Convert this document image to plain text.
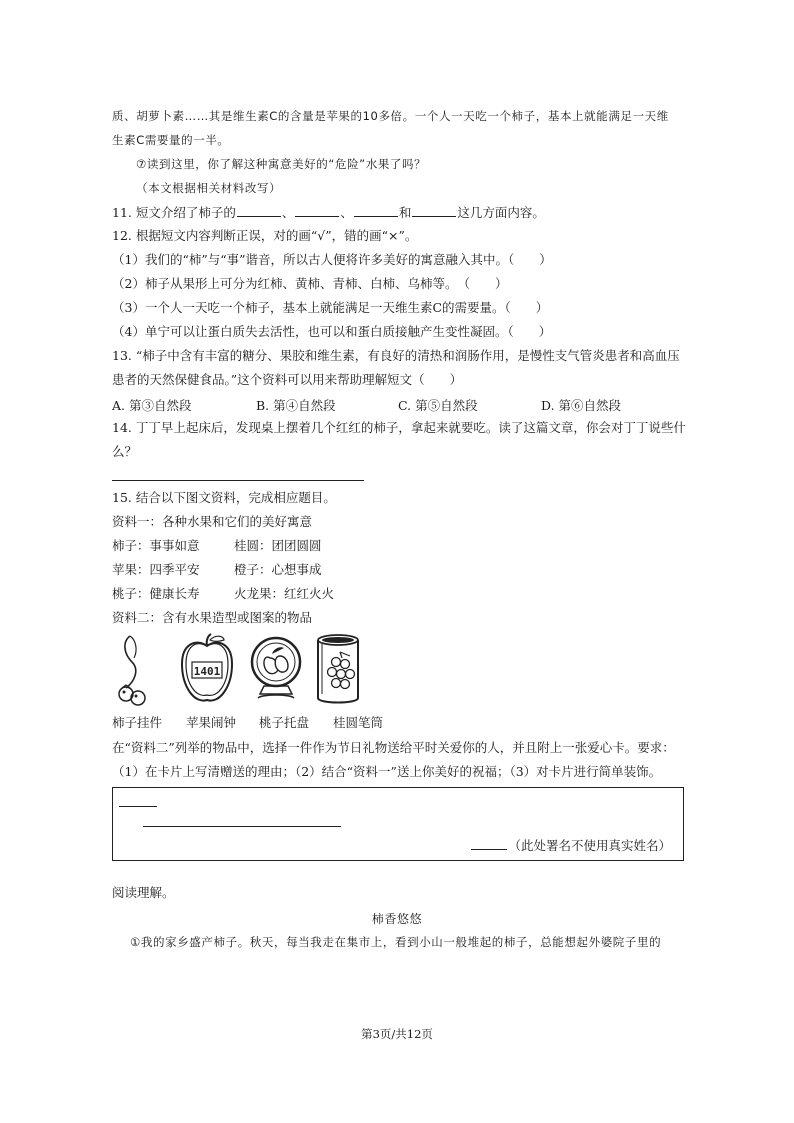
质、胡萝卜素……其是维生素C的含量是苹果的10多倍。一个人一天吃一个柿子，基本上就能满足一天维
生素C需要量的一半。
⑦读到这里，你了解这种寓意美好的“危险”水果了吗？
（本文根据相关材料改写）
11. 短文介绍了柿子的	、	、	和	这几方面内容。
12. 根据短文内容判断正误，对的画“√”，错的画“×”。
（1）我们的“柿”与“事”谐音，所以古人便将许多美好的寓意融入其中。（　　）
（2）柿子从果形上可分为红柿、黄柿、青柿、白柿、乌柿等。　（　　）
（3）一个人一天吃一个柿子，基本上就能满足一天维生素C的需要量。（　　）
（4）单宁可以让蛋白质失去活性，也可以和蛋白质接触产生变性凝固。（　　）
13. “柿子中含有丰富的糖分、果胶和维生素，有良好的清热和润肠作用，是慢性支气管炎患者和高血压
患者的天然保健食品。”这个资料可以用来帮助理解短文（　　）
A. 第③自然段	B. 第④自然段	C. 第⑤自然段	D. 第⑥自然段
14. 丁丁早上起床后，发现桌上摆着几个红红的柿子，拿起来就要吃。读了这篇文章，你会对丁丁说些什
么？
15. 结合以下图文资料，完成相应题目。
资料一：各种水果和它们的美好寓意
柿子：事事如意	桂圆：团团圆圆
苹果：四季平安	橙子：心想事成
桃子：健康长寿	火龙果：红红火火
资料二：含有水果造型或图案的物品
1401
柿子挂件 苹果闹钟 桃子托盘 桂圆笔筒
在“资料二”列举的物品中，选择一件作为节日礼物送给平时关爱你的人，并且附上一张爱心卡。要求：
（1）在卡片上写清赠送的理由；（2）结合“资料一”送上你美好的祝福；（3）对卡片进行简单装饰。
（此处署名不使用真实姓名）
阅读理解。
柿香悠悠
①我的家乡盛产柿子。秋天，每当我走在集市上，看到小山一般堆起的柿子，总能想起外婆院子里的
第3页/共12页
